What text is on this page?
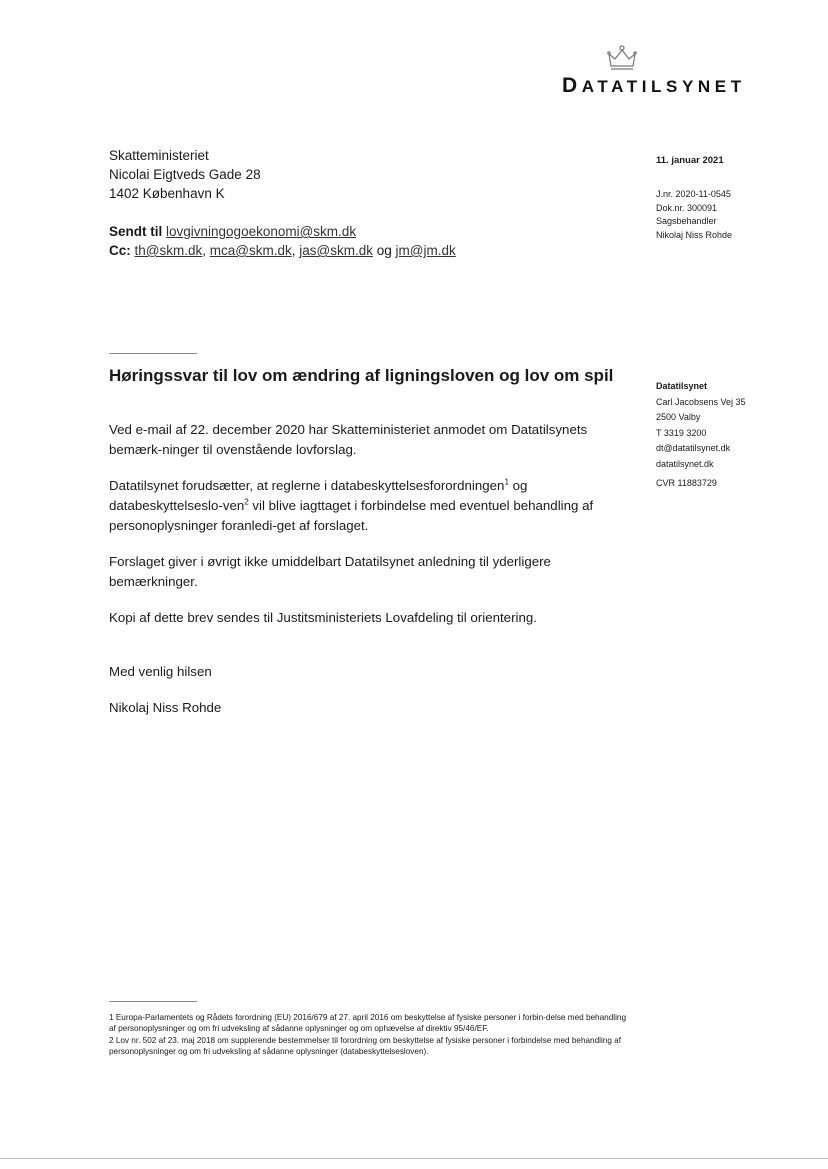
DATATILSYNET
Skatteministeriet
Nicolai Eigtveds Gade 28
1402 København K
Sendt til lovgivningogoekonomi@skm.dk
Cc: th@skm.dk, mca@skm.dk, jas@skm.dk og jm@jm.dk
11. januar 2021
J.nr. 2020-11-0545
Dok.nr. 300091
Sagsbehandler
Nikolaj Niss Rohde
Datatilsynet
Carl Jacobsens Vej 35
2500 Valby
T 3319 3200
dt@datatilsynet.dk
datatilsynet.dk
CVR 11883729
Høringssvar til lov om ændring af ligningsloven og lov om spil

Ved e-mail af 22. december 2020 har Skatteministeriet anmodet om Datatilsynets bemærk-ninger til ovenstående lovforslag.

Datatilsynet forudsætter, at reglerne i databeskyttelsesforordningen$^1$ og databeskyttelseslo-ven$^2$ vil blive iagttaget i forbindelse med eventuel behandling af personoplysninger foranledi-get af forslaget.

Forslaget giver i øvrigt ikke umiddelbart Datatilsynet anledning til yderligere bemærkninger.

Kopi af dette brev sendes til Justitsministeriets Lovafdeling til orientering.

Med venlig hilsen

Nikolaj Niss Rohde

1 Europa-Parlamentets og Rådets forordning (EU) 2016/679 af 27. april 2016 om beskyttelse af fysiske personer i forbin-delse med behandling af personoplysninger og om fri udveksling af sådanne oplysninger og om ophævelse af direktiv 95/46/EF.

2 Lov nr. 502 af 23. maj 2018 om supplerende bestemmelser til forordning om beskyttelse af fysiske personer i forbindelse med behandling af personoplysninger og om fri udveksling af sådanne oplysninger (databeskyttelsesloven).
